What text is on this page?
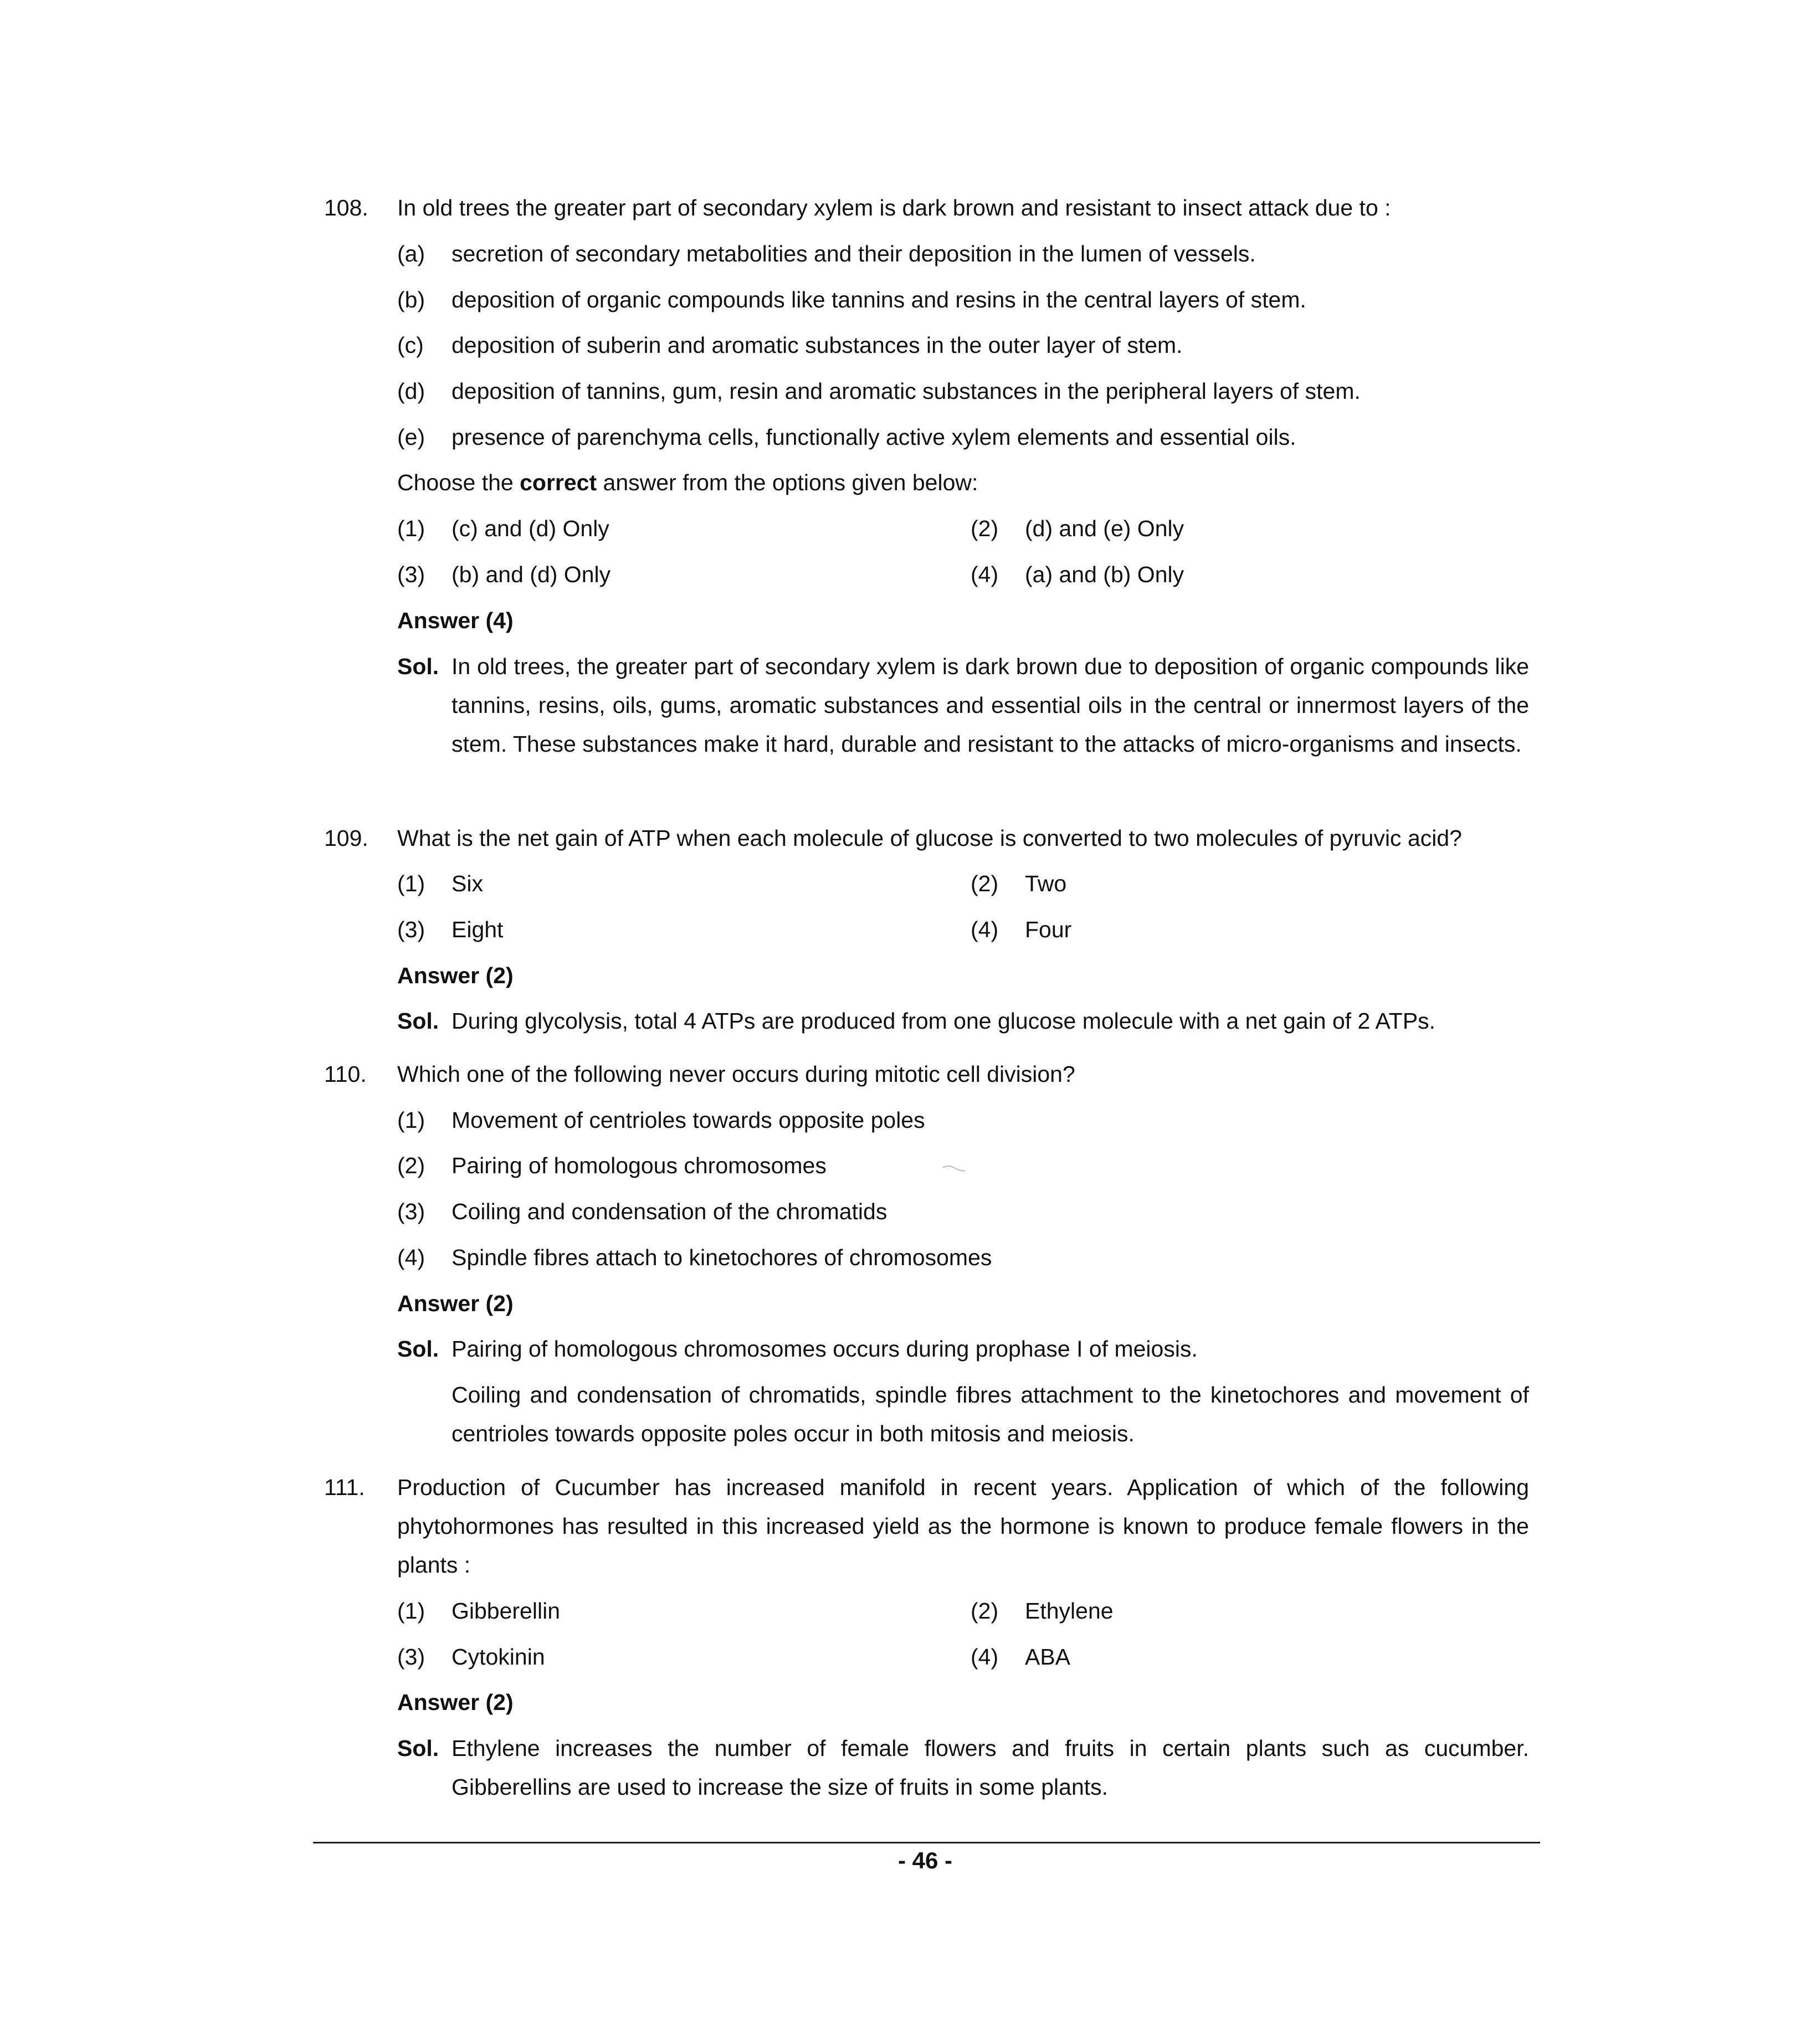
108. In old trees the greater part of secondary xylem is dark brown and resistant to insect attack due to :
(a) secretion of secondary metabolities and their deposition in the lumen of vessels.
(b) deposition of organic compounds like tannins and resins in the central layers of stem.
(c) deposition of suberin and aromatic substances in the outer layer of stem.
(d) deposition of tannins, gum, resin and aromatic substances in the peripheral layers of stem.
(e) presence of parenchyma cells, functionally active xylem elements and essential oils.
Choose the correct answer from the options given below:
(1) (c) and (d) Only	(2) (d) and (e) Only
(3) (b) and (d) Only	(4) (a) and (b) Only
Answer (4)
Sol. In old trees, the greater part of secondary xylem is dark brown due to deposition of organic compounds like tannins, resins, oils, gums, aromatic substances and essential oils in the central or innermost layers of the stem. These substances make it hard, durable and resistant to the attacks of micro-organisms and insects.
109. What is the net gain of ATP when each molecule of glucose is converted to two molecules of pyruvic acid?
(1) Six	(2) Two
(3) Eight	(4) Four
Answer (2)
Sol. During glycolysis, total 4 ATPs are produced from one glucose molecule with a net gain of 2 ATPs.
110. Which one of the following never occurs during mitotic cell division?
(1) Movement of centrioles towards opposite poles
(2) Pairing of homologous chromosomes
(3) Coiling and condensation of the chromatids
(4) Spindle fibres attach to kinetochores of chromosomes
Answer (2)
Sol. Pairing of homologous chromosomes occurs during prophase I of meiosis.
Coiling and condensation of chromatids, spindle fibres attachment to the kinetochores and movement of centrioles towards opposite poles occur in both mitosis and meiosis.
111. Production of Cucumber has increased manifold in recent years. Application of which of the following phytohormones has resulted in this increased yield as the hormone is known to produce female flowers in the plants :
(1) Gibberellin	(2) Ethylene
(3) Cytokinin	(4) ABA
Answer (2)
Sol. Ethylene increases the number of female flowers and fruits in certain plants such as cucumber. Gibberellins are used to increase the size of fruits in some plants.
- 46 -
